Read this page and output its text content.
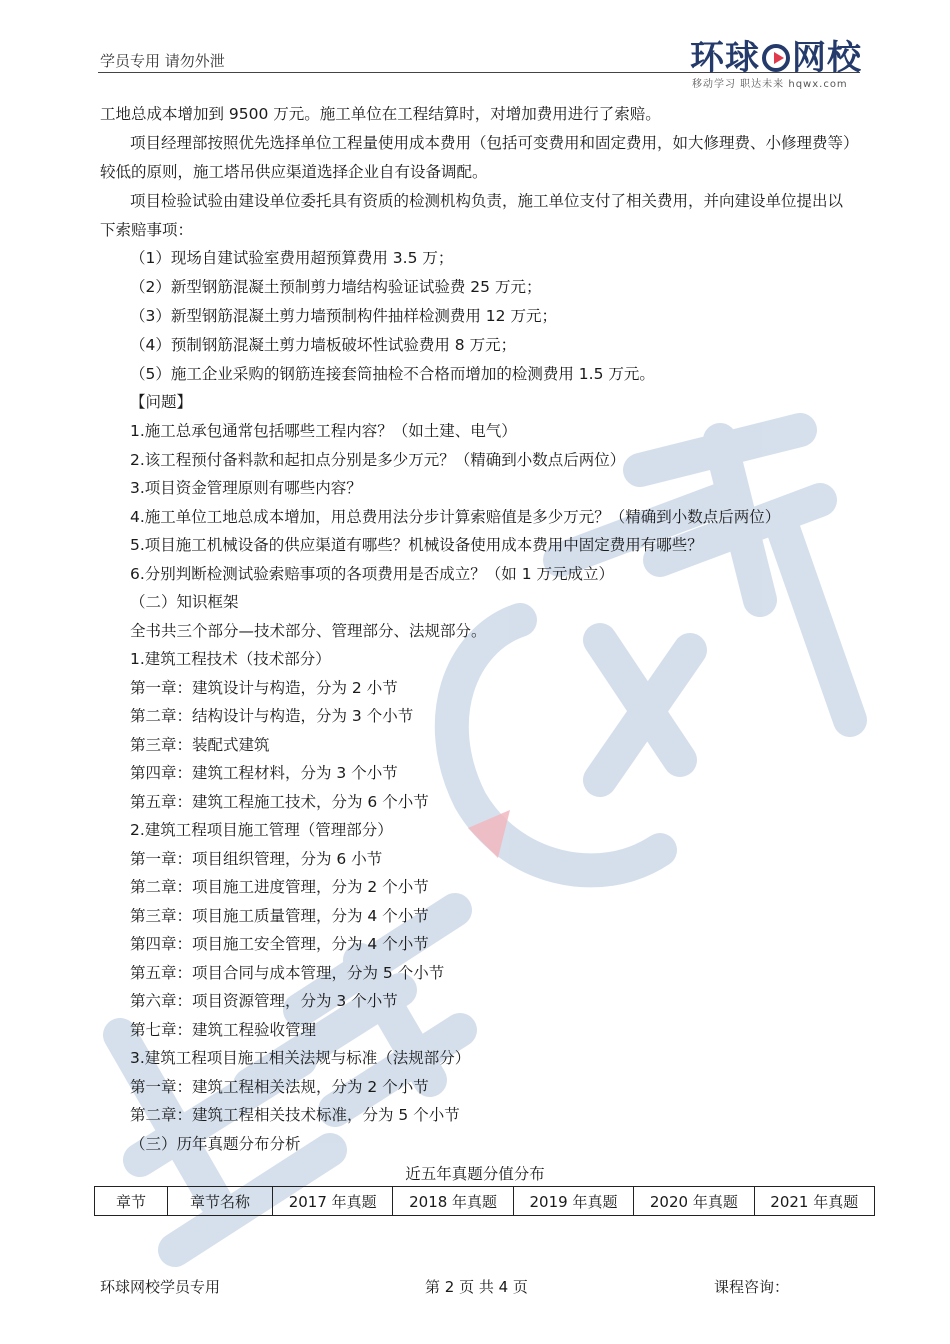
学员专用 请勿外泄	环球 网校
移动学习 职达未来 hqwx.com
工地总成本增加到 9500 万元。施工单位在工程结算时，对增加费用进行了索赔。
项目经理部按照优先选择单位工程量使用成本费用（包括可变费用和固定费用，如大修理费、小修理费等）
较低的原则，施工塔吊供应渠道选择企业自有设备调配。
项目检验试验由建设单位委托具有资质的检测机构负责，施工单位支付了相关费用，并向建设单位提出以
下索赔事项：
（1）现场自建试验室费用超预算费用 3.5 万；
（2）新型钢筋混凝土预制剪力墙结构验证试验费 25 万元；
（3）新型钢筋混凝土剪力墙预制构件抽样检测费用 12 万元；
（4）预制钢筋混凝土剪力墙板破坏性试验费用 8 万元；
（5）施工企业采购的钢筋连接套筒抽检不合格而增加的检测费用 1.5 万元。
【问题】
1.施工总承包通常包括哪些工程内容？（如土建、电气）
2.该工程预付备料款和起扣点分别是多少万元？（精确到小数点后两位）
3.项目资金管理原则有哪些内容？
4.施工单位工地总成本增加，用总费用法分步计算索赔值是多少万元？（精确到小数点后两位）
5.项目施工机械设备的供应渠道有哪些？机械设备使用成本费用中固定费用有哪些？
6.分别判断检测试验索赔事项的各项费用是否成立？（如 1 万元成立）
（二）知识框架
全书共三个部分—技术部分、管理部分、法规部分。
1.建筑工程技术（技术部分）
第一章：建筑设计与构造，分为 2 小节
第二章：结构设计与构造，分为 3 个小节
第三章：装配式建筑
第四章：建筑工程材料，分为 3 个小节
第五章：建筑工程施工技术，分为 6 个小节
2.建筑工程项目施工管理（管理部分）
第一章：项目组织管理，分为 6 小节
第二章：项目施工进度管理，分为 2 个小节
第三章：项目施工质量管理，分为 4 个小节
第四章：项目施工安全管理，分为 4 个小节
第五章：项目合同与成本管理，分为 5 个小节
第六章：项目资源管理，分为 3 个小节
第七章：建筑工程验收管理
3.建筑工程项目施工相关法规与标准（法规部分）
第一章：建筑工程相关法规，分为 2 个小节
第二章：建筑工程相关技术标准，分为 5 个小节
（三）历年真题分布分析
近五年真题分值分布
章节	章节名称	2017 年真题	2018 年真题	2019 年真题	2020 年真题	2021 年真题
环球网校学员专用	第 2 页 共 4 页	课程咨询：
